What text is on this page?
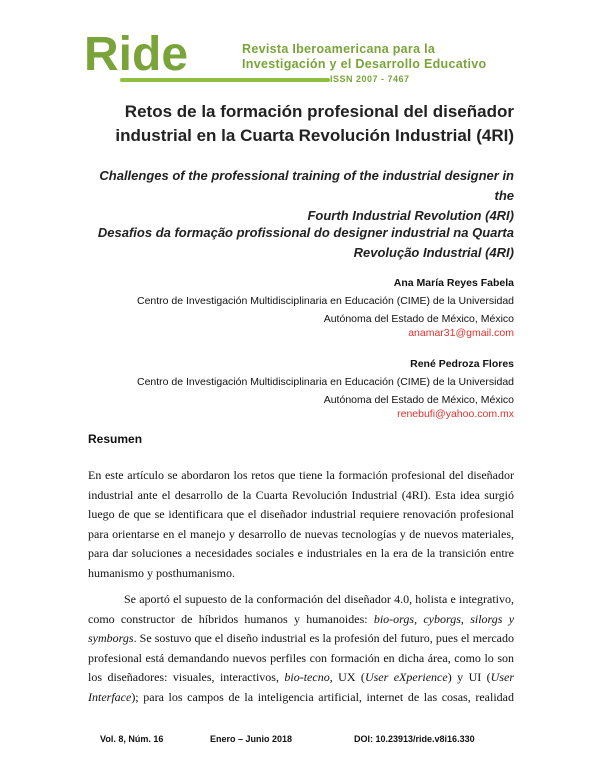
Ride	Revista Iberoamericana para la
Investigación y el Desarrollo Educativo
ISSN 2007 - 7467
Retos de la formación profesional del diseñador
industrial en la Cuarta Revolución Industrial (4RI)
Challenges of the professional training of the industrial designer in the
Fourth Industrial Revolution (4RI)
Desafios da formação profissional do designer industrial na Quarta
Revolução Industrial (4RI)
Ana María Reyes Fabela
Centro de Investigación Multidisciplinaria en Educación (CIME) de la Universidad
Autónoma del Estado de México, México
anamar31@gmail.com
René Pedroza Flores
Centro de Investigación Multidisciplinaria en Educación (CIME) de la Universidad
Autónoma del Estado de México, México
renebufi@yahoo.com.mx
Resumen
En este artículo se abordaron los retos que tiene la formación profesional del diseñador
industrial ante el desarrollo de la Cuarta Revolución Industrial (4RI). Esta idea surgió
luego de que se identificara que el diseñador industrial requiere renovación profesional
para orientarse en el manejo y desarrollo de nuevas tecnologías y de nuevos materiales,
para dar soluciones a necesidades sociales e industriales en la era de la transición entre
humanismo y posthumanismo.
Se aportó el supuesto de la conformación del diseñador 4.0, holista e integrativo,
como constructor de híbridos humanos y humanoides: bio-orgs, cyborgs, silorgs y
symborgs. Se sostuvo que el diseño industrial es la profesión del futuro, pues el mercado
profesional está demandando nuevos perfiles con formación en dicha área, como lo son
los diseñadores: visuales, interactivos, bio-tecno, UX (User eXperience) y UI (User
Interface); para los campos de la inteligencia artificial, internet de las cosas, realidad
Vol. 8, Núm. 16	Enero – Junio 2018	DOI: 10.23913/ride.v8i16.330
